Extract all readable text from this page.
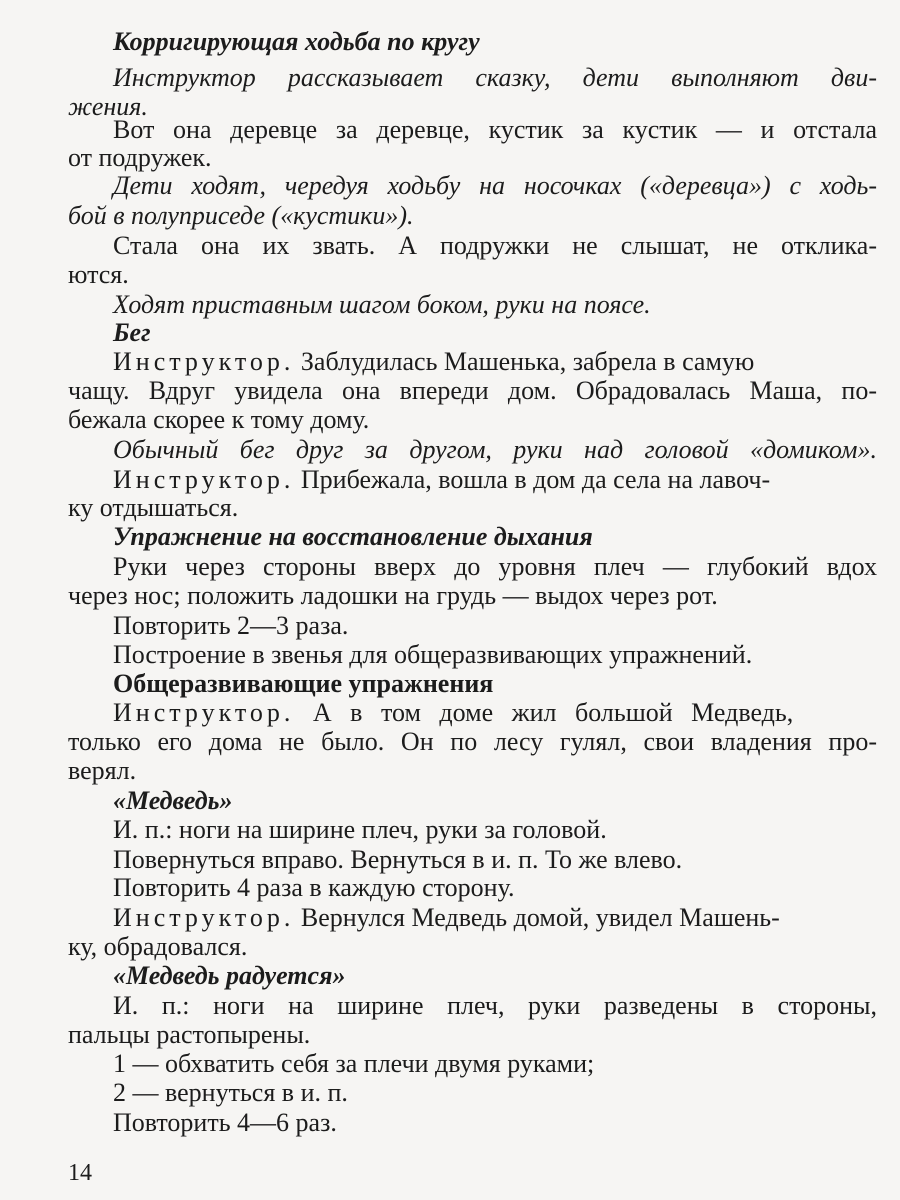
Корригирующая ходьба по кругу
Инструктор рассказывает сказку, дети выполняют дви-
жения.
Вот она деревце за деревце, кустик за кустик — и отстала
от подружек.
Дети ходят, чередуя ходьбу на носочках («деревца») с ходь-
бой в полуприседе («кустики»).
Стала она их звать. А подружки не слышат, не отклика-
ются.
Ходят приставным шагом боком, руки на поясе.
Бег
Инструктор. Заблудилась Машенька, забрела в самую
чащу. Вдруг увидела она впереди дом. Обрадовалась Маша, по-
бежала скорее к тому дому.
Обычный бег друг за другом, руки над головой «домиком».
Инструктор. Прибежала, вошла в дом да села на лавоч-
ку отдышаться.
Упражнение на восстановление дыхания
Руки через стороны вверх до уровня плеч — глубокий вдох
через нос; положить ладошки на грудь — выдох через рот.
Повторить 2—3 раза.
Построение в звенья для общеразвивающих упражнений.
Общеразвивающие упражнения
Инструктор. А в том доме жил большой Медведь,
только его дома не было. Он по лесу гулял, свои владения про-
верял.
«Медведь»
И. п.: ноги на ширине плеч, руки за головой.
Повернуться вправо. Вернуться в и. п. То же влево.
Повторить 4 раза в каждую сторону.
Инструктор. Вернулся Медведь домой, увидел Машень-
ку, обрадовался.
«Медведь радуется»
И. п.: ноги на ширине плеч, руки разведены в стороны,
пальцы растопырены.
1 — обхватить себя за плечи двумя руками;
2 — вернуться в и. п.
Повторить 4—6 раз.
14
